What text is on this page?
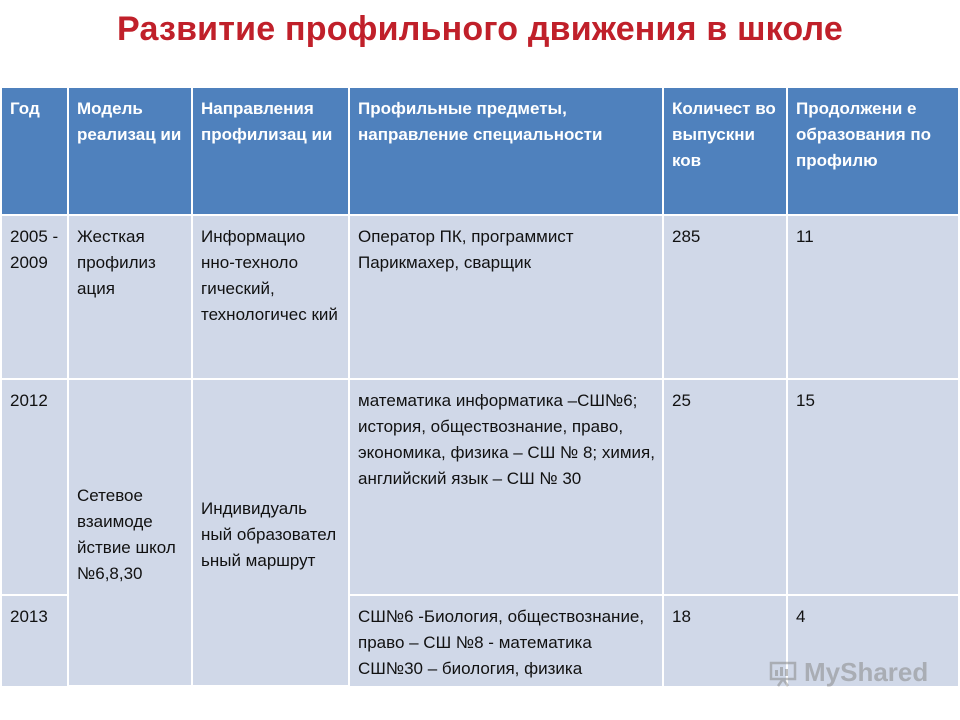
Развитие профильного движения в школе
Год	Модель реализац ии	Направления профилизац ии	Профильные предметы, направление специальности	Количест во выпускни ков	Продолжени е образования по профилю
2005 - 2009	Жесткая профилиз ация	Информацио нно-техноло гический, технологичес кий	Оператор ПК, программист Парикмахер, сварщик	285	11
2012	Сетевое взаимоде йствие школ №6,8,30	Индивидуаль ный образовател ьный маршрут	математика информатика –СШ№6; история, обществознание, право, экономика, физика – СШ № 8; химия, английский язык – СШ № 30	25	15
2013			СШ№6 -Биология, обществознание, право – СШ №8 - математика СШ№30 – биология, физика	18	4
MyShared
